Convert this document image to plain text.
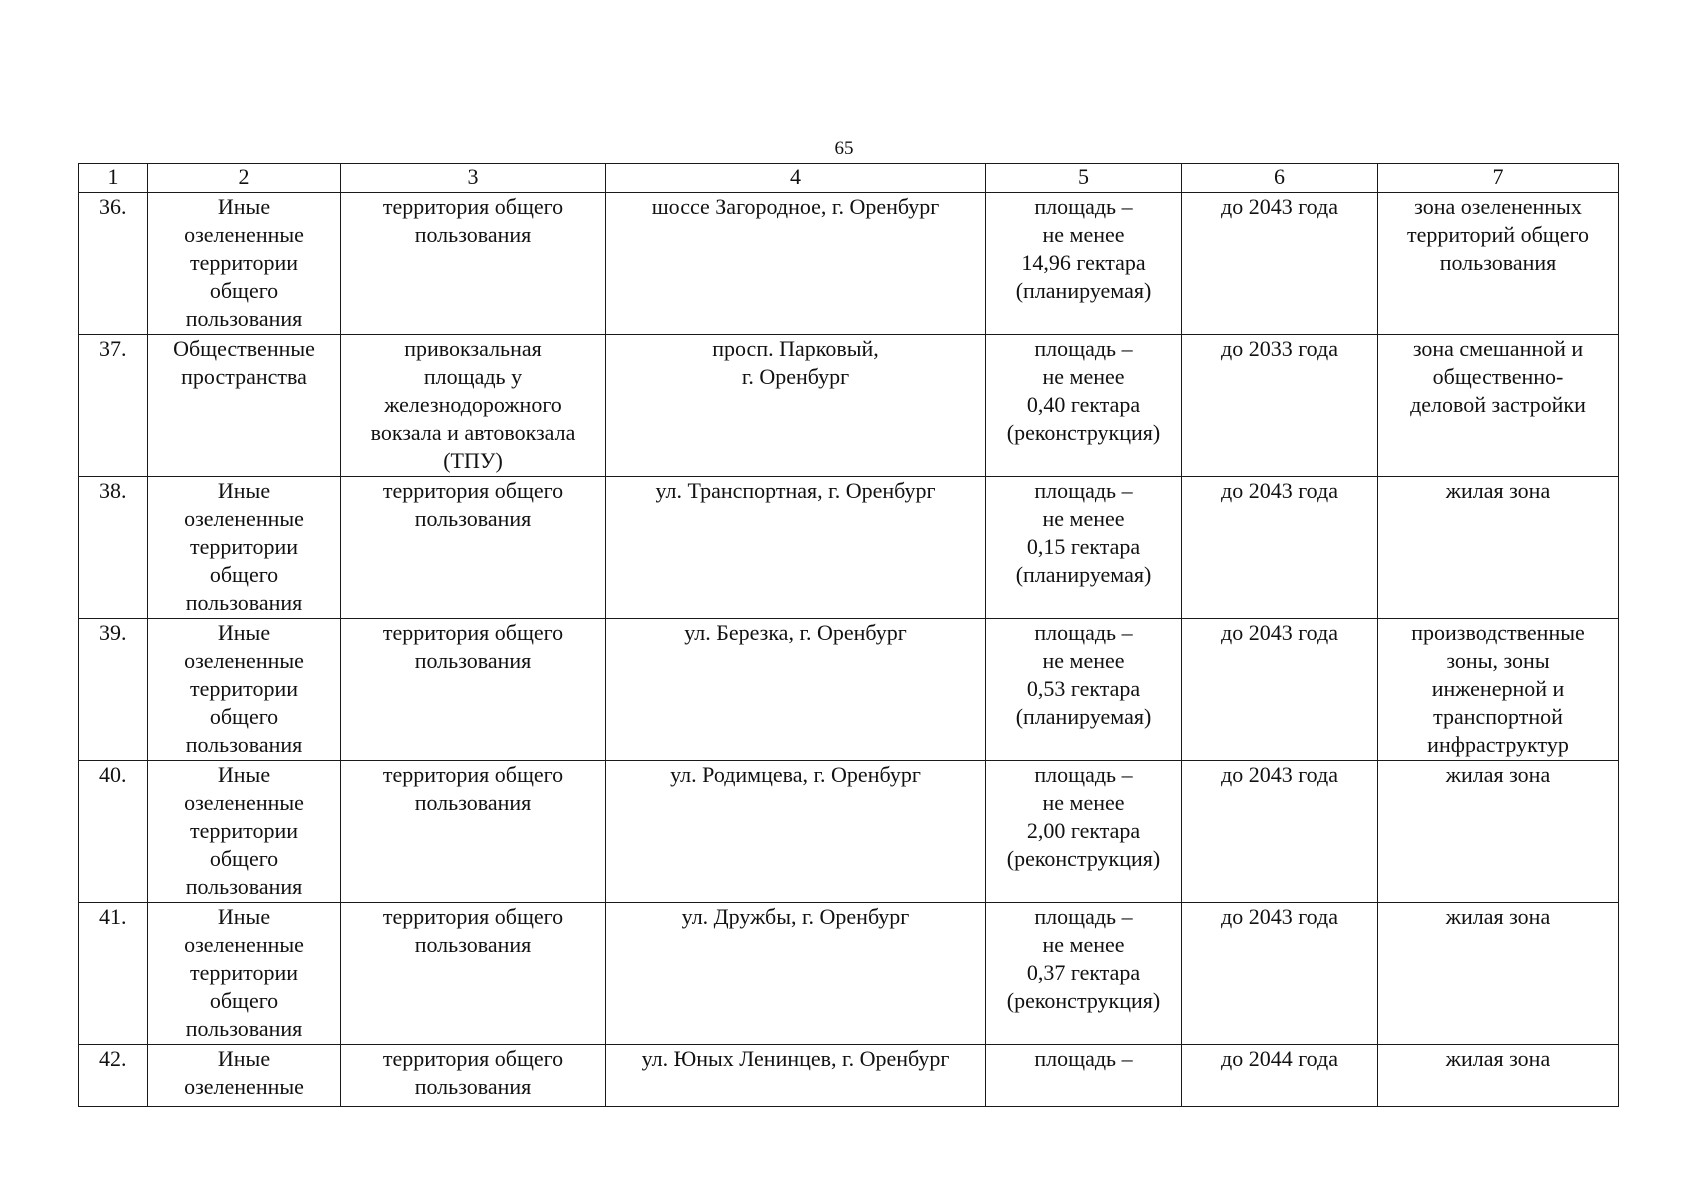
65
1	2	3	4	5	6	7
36.	Иные
озелененные
территории
общего
пользования	территория общего
пользования	шоссе Загородное, г. Оренбург	площадь –
не менее
14,96 гектара
(планируемая)	до 2043 года	зона озелененных
территорий общего
пользования

37.	Общественные
пространства	привокзальная
площадь у
железнодорожного
вокзала и автовокзала
(ТПУ)	просп. Парковый,
г. Оренбург	площадь –
не менее
0,40 гектара
(реконструкция)	до 2033 года	зона смешанной и
общественно-
деловой застройки

38.	Иные
озелененные
территории
общего
пользования	территория общего
пользования	ул. Транспортная, г. Оренбург	площадь –
не менее
0,15 гектара
(планируемая)	до 2043 года	жилая зона

39.	Иные
озелененные
территории
общего
пользования	территория общего
пользования	ул. Березка, г. Оренбург	площадь –
не менее
0,53 гектара
(планируемая)	до 2043 года	производственные
зоны, зоны
инженерной и
транспортной
инфраструктур

40.	Иные
озелененные
территории
общего
пользования	территория общего
пользования	ул. Родимцева, г. Оренбург	площадь –
не менее
2,00 гектара
(реконструкция)	до 2043 года	жилая зона

41.	Иные
озелененные
территории
общего
пользования	территория общего
пользования	ул. Дружбы, г. Оренбург	площадь –
не менее
0,37 гектара
(реконструкция)	до 2043 года	жилая зона

42.	Иные
озелененные	территория общего
пользования	ул. Юных Ленинцев, г. Оренбург	площадь –	до 2044 года	жилая зона
